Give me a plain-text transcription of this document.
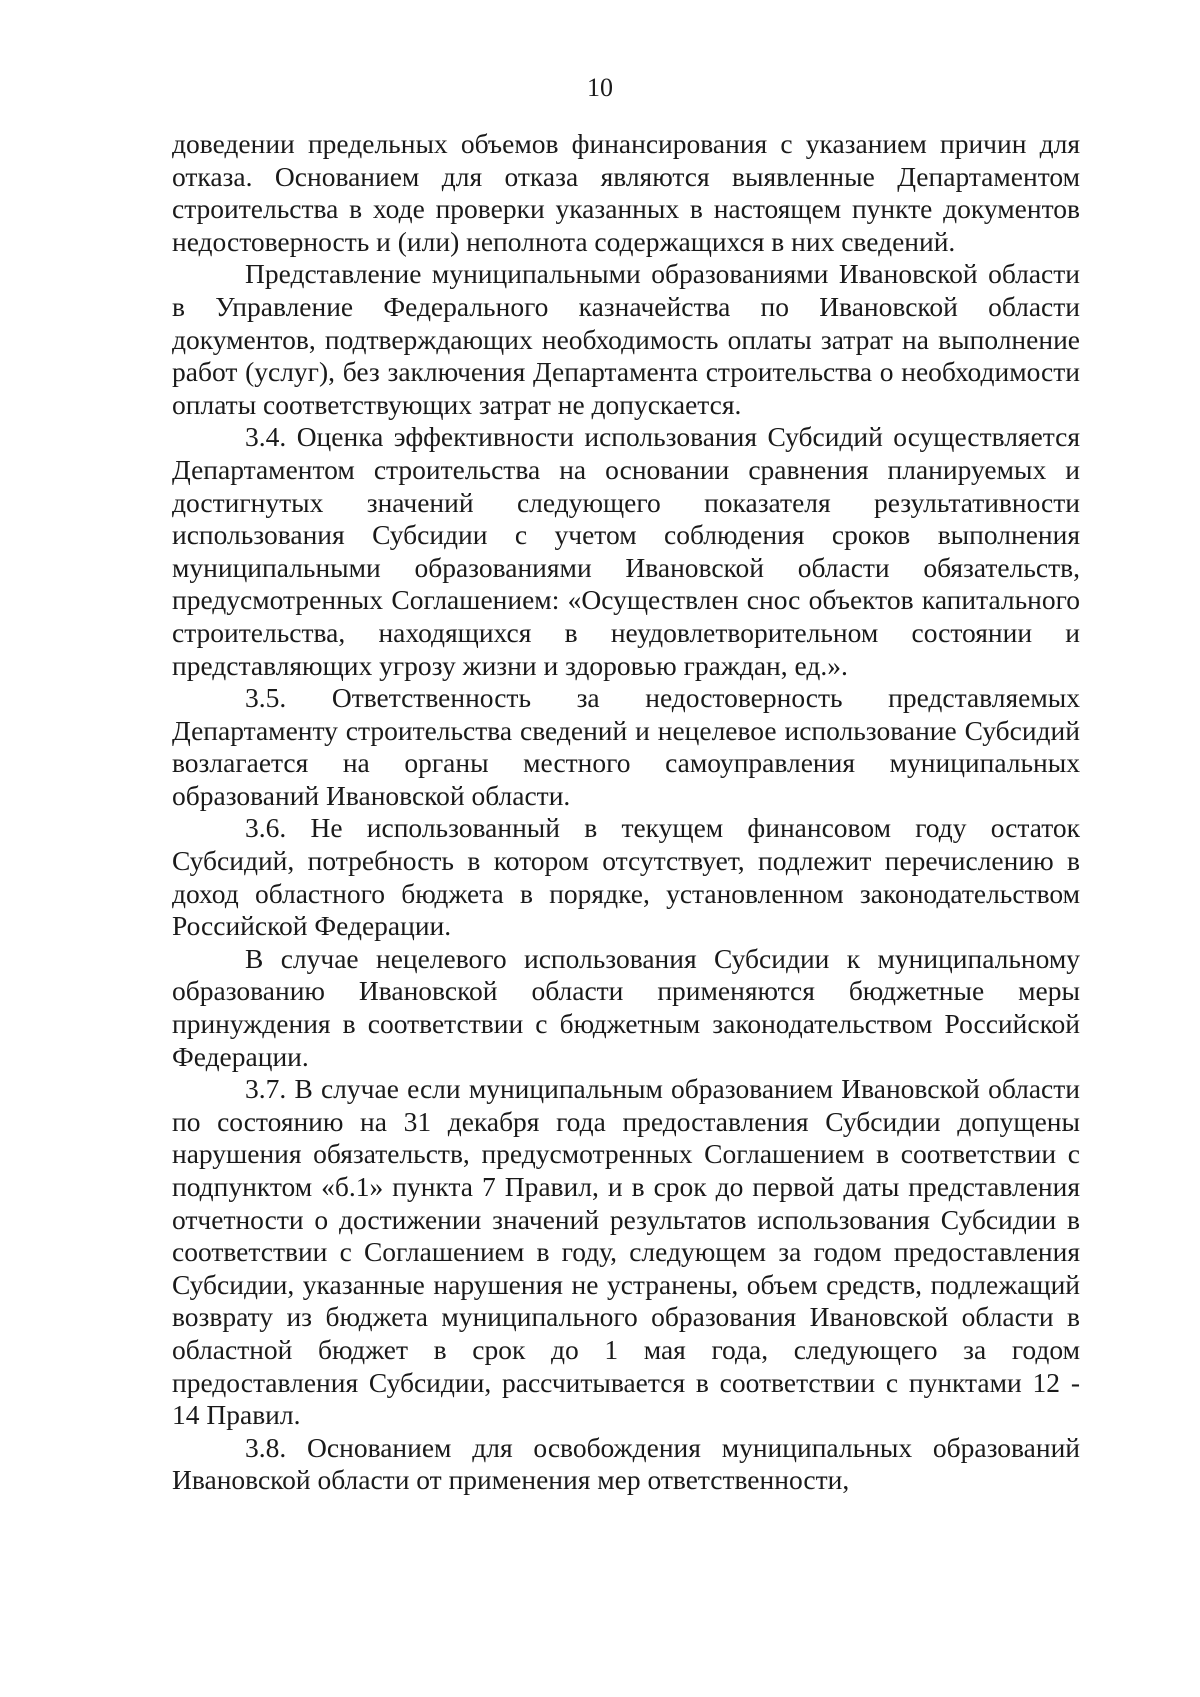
10

доведении предельных объемов финансирования с указанием причин для отказа. Основанием для отказа являются выявленные Департаментом строительства в ходе проверки указанных в настоящем пункте документов недостоверность и (или) неполнота содержащихся в них сведений.

Представление муниципальными образованиями Ивановской области в Управление Федерального казначейства по Ивановской области документов, подтверждающих необходимость оплаты затрат на выполнение работ (услуг), без заключения Департамента строительства о необходимости оплаты соответствующих затрат не допускается.

3.4. Оценка эффективности использования Субсидий осуществляется Департаментом строительства на основании сравнения планируемых и достигнутых значений следующего показателя результативности использования Субсидии с учетом соблюдения сроков выполнения муниципальными образованиями Ивановской области обязательств, предусмотренных Соглашением: «Осуществлен снос объектов капитального строительства, находящихся в неудовлетворительном состоянии и представляющих угрозу жизни и здоровью граждан, ед.».

3.5. Ответственность за недостоверность представляемых Департаменту строительства сведений и нецелевое использование Субсидий возлагается на органы местного самоуправления муниципальных образований Ивановской области.

3.6. Не использованный в текущем финансовом году остаток Субсидий, потребность в котором отсутствует, подлежит перечислению в доход областного бюджета в порядке, установленном законодательством Российской Федерации.

В случае нецелевого использования Субсидии к муниципальному образованию Ивановской области применяются бюджетные меры принуждения в соответствии с бюджетным законодательством Российской Федерации.

3.7. В случае если муниципальным образованием Ивановской области по состоянию на 31 декабря года предоставления Субсидии допущены нарушения обязательств, предусмотренных Соглашением в соответствии с подпунктом «б.1» пункта 7 Правил, и в срок до первой даты представления отчетности о достижении значений результатов использования Субсидии в соответствии с Соглашением в году, следующем за годом предоставления Субсидии, указанные нарушения не устранены, объем средств, подлежащий возврату из бюджета муниципального образования Ивановской области в областной бюджет в срок до 1 мая года, следующего за годом предоставления Субсидии, рассчитывается в соответствии с пунктами 12 - 14 Правил.

3.8. Основанием для освобождения муниципальных образований Ивановской области от применения мер ответственности,
